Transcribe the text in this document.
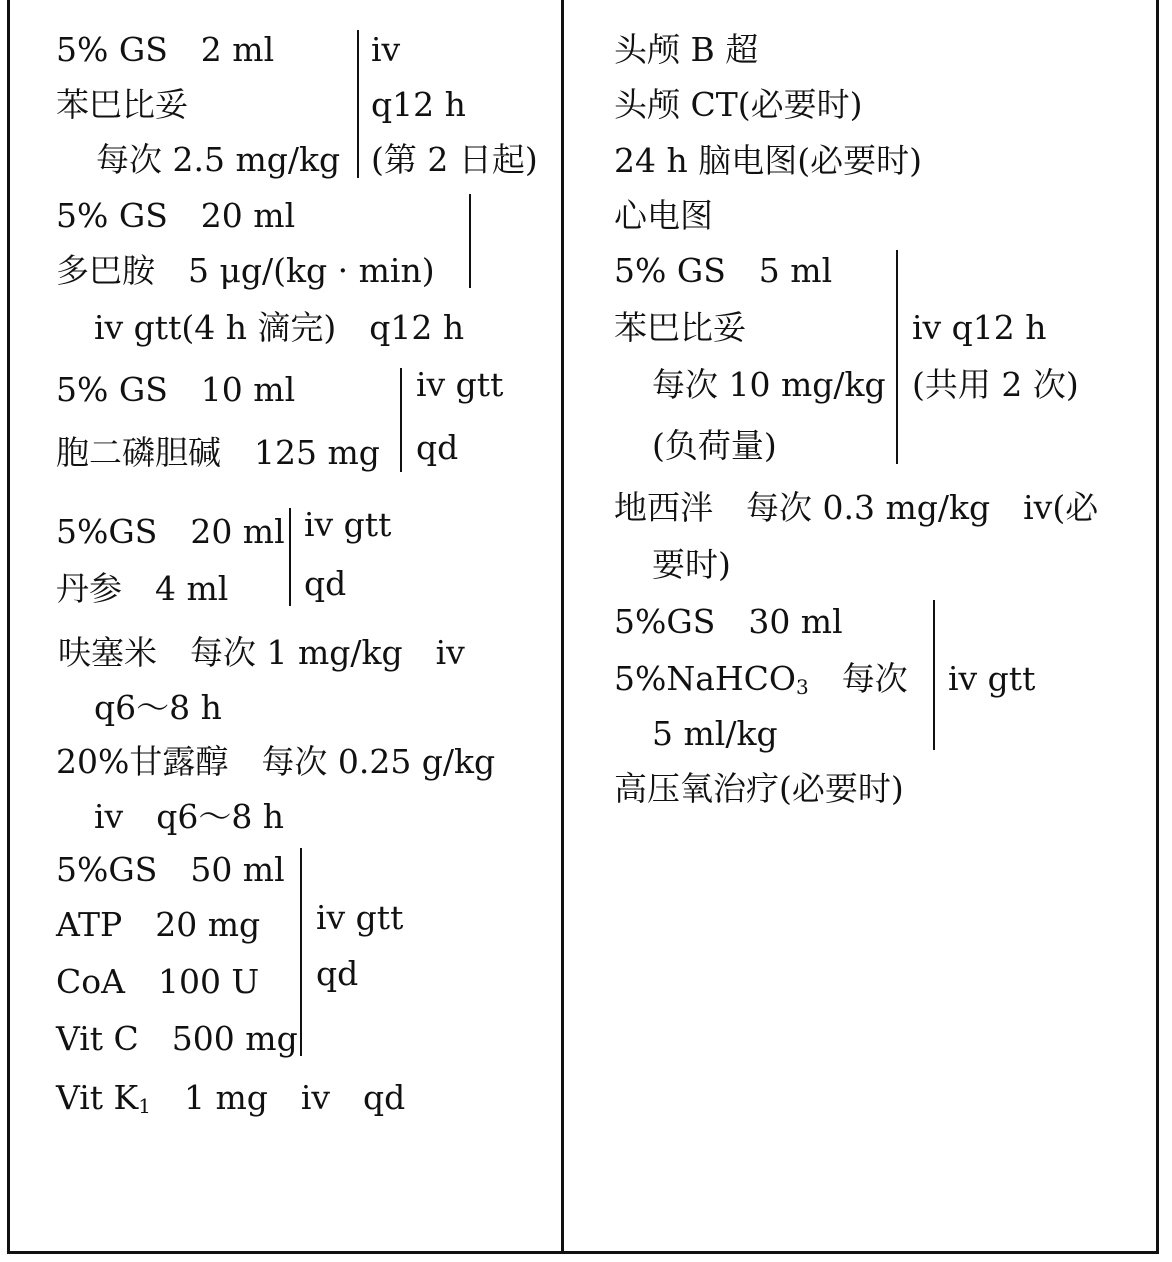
5% GS　2 ml
苯巴比妥
每次 2.5 mg/kg
iv
q12 h
(第 2 日起)
5% GS　20 ml
多巴胺　5 μg/(kg · min)
iv gtt(4 h 滴完)　q12 h
5% GS　10 ml
胞二磷胆碱　125 mg
iv gtt
qd
5%GS　20 ml
丹参　4 ml
iv gtt
qd
呋塞米　每次 1 mg/kg　iv
q6～8 h
20%甘露醇　每次 0.25 g/kg
iv　q6～8 h
5%GS　50 ml
ATP　20 mg
CoA　100 U
Vit C　500 mg
iv gtt
qd
Vit $K_1$　1 mg　iv　qd
头颅 B 超
头颅 CT(必要时)
24 h 脑电图(必要时)
心电图
5% GS　5 ml
苯巴比妥
每次 10 mg/kg
(负荷量)
iv q12 h
(共用 2 次)
地西泮　每次 0.3 mg/kg　iv(必
要时)
5%GS　30 ml
5%NaHCO$_3$　每次
5 ml/kg
iv gtt
高压氧治疗(必要时)
